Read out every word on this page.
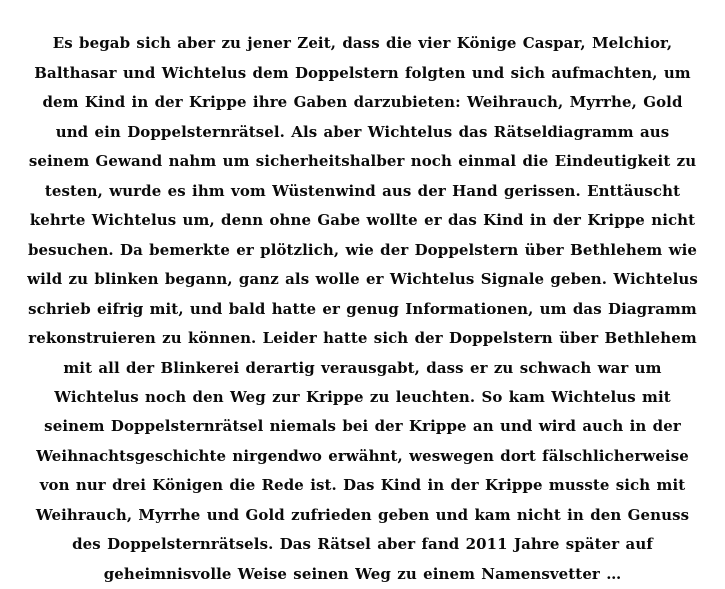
Es begab sich aber zu jener Zeit, dass die vier Könige Caspar, Melchior, Balthasar und Wichtelus dem Doppelstern folgten und sich aufmachten, um dem Kind in der Krippe ihre Gaben darzubieten: Weihrauch, Myrrhe, Gold und ein Doppelsternrätsel. Als aber Wichtelus das Rätseldiagramm aus seinem Gewand nahm um sicherheitshalber noch einmal die Eindeutigkeit zu testen, wurde es ihm vom Wüstenwind aus der Hand gerissen. Enttäuscht kehrte Wichtelus um, denn ohne Gabe wollte er das Kind in der Krippe nicht besuchen. Da bemerkte er plötzlich, wie der Doppelstern über Bethlehem wie wild zu blinken begann, ganz als wolle er Wichtelus Signale geben. Wichtelus schrieb eifrig mit, und bald hatte er genug Informationen, um das Diagramm rekonstruieren zu können. Leider hatte sich der Doppelstern über Bethlehem mit all der Blinkerei derartig verausgabt, dass er zu schwach war um Wichtelus noch den Weg zur Krippe zu leuchten. So kam Wichtelus mit seinem Doppelsternrätsel niemals bei der Krippe an und wird auch in der Weihnachtsgeschichte nirgendwo erwähnt, weswegen dort fälschlicherweise von nur drei Königen die Rede ist. Das Kind in der Krippe musste sich mit Weihrauch, Myrrhe und Gold zufrieden geben und kam nicht in den Genuss des Doppelsternrätsels. Das Rätsel aber fand 2011 Jahre später auf geheimnisvolle Weise seinen Weg zu einem Namensvetter …
